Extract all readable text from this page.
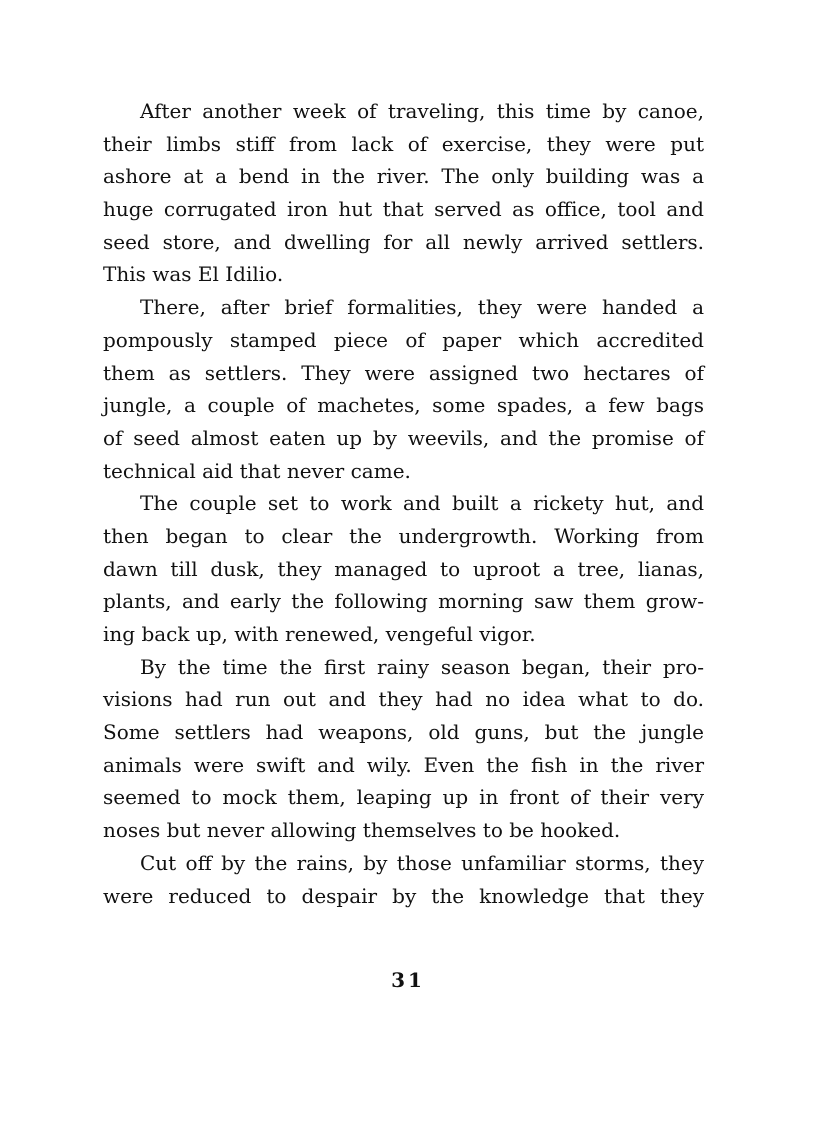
After another week of traveling, this time by canoe,
their limbs stiff from lack of exercise, they were put
ashore at a bend in the river. The only building was a
huge corrugated iron hut that served as office, tool and
seed store, and dwelling for all newly arrived settlers.
This was El Idilio.
There, after brief formalities, they were handed a
pompously stamped piece of paper which accredited
them as settlers. They were assigned two hectares of
jungle, a couple of machetes, some spades, a few bags
of seed almost eaten up by weevils, and the promise of
technical aid that never came.
The couple set to work and built a rickety hut, and
then began to clear the undergrowth. Working from
dawn till dusk, they managed to uproot a tree, lianas,
plants, and early the following morning saw them grow-
ing back up, with renewed, vengeful vigor.
By the time the first rainy season began, their pro-
visions had run out and they had no idea what to do.
Some settlers had weapons, old guns, but the jungle
animals were swift and wily. Even the fish in the river
seemed to mock them, leaping up in front of their very
noses but never allowing themselves to be hooked.
Cut off by the rains, by those unfamiliar storms, they
were reduced to despair by the knowledge that they
31
